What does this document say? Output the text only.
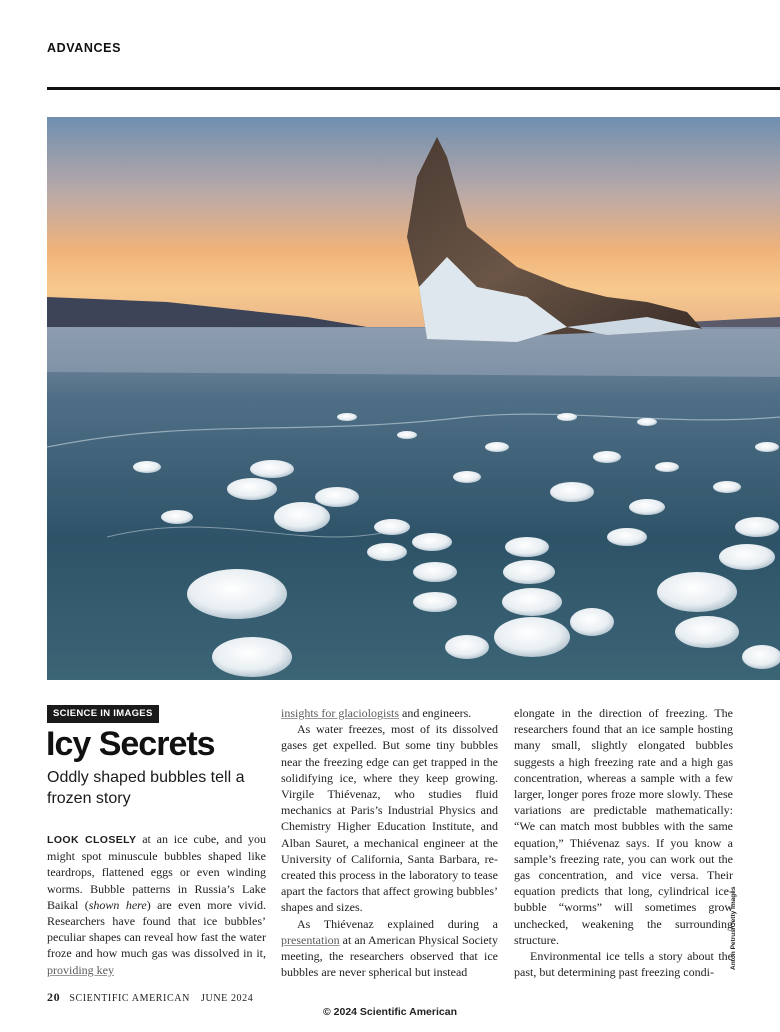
ADVANCES
Anton Petrus/Getty Images
SCIENCE IN IMAGES
Icy Secrets
Oddly shaped bubbles tell a frozen story

LOOK CLOSELY at an ice cube, and you might spot minuscule bubbles shaped like teardrops, flattened eggs or even winding worms. Bubble patterns in Russia’s Lake Baikal (shown here) are even more vivid. Researchers have found that ice bubbles’ peculiar shapes can reveal how fast the water froze and how much gas was dissolved in it, providing key

insights for glaciologists and engineers.

As water freezes, most of its dissolved gases get expelled. But some tiny bubbles near the freezing edge can get trapped in the solidifying ice, where they keep growing. Virgile Thiévenaz, who studies fluid mechanics at Paris’s Industrial Physics and Chemistry Higher Education Institute, and Alban Sauret, a mechanical engineer at the University of California, Santa Barbara, re-created this process in the laboratory to tease apart the factors that affect growing bubbles’ shapes and sizes.

As Thiévenaz explained during a presentation at an American Physical Society meeting, the researchers observed that ice bubbles are never spherical but instead

elongate in the direction of freezing. The researchers found that an ice sample hosting many small, slightly elongated bubbles suggests a high freezing rate and a high gas concentration, whereas a sample with a few larger, longer pores froze more slowly. These variations are predictable mathematically: “We can match most bubbles with the same equation,” Thiévenaz says. If you know a sample’s freezing rate, you can work out the gas concentration, and vice versa. Their equation predicts that long, cylindrical ice-bubble “worms” will sometimes grow unchecked, weakening the surrounding structure.

Environmental ice tells a story about the past, but determining past freezing condi-

20 SCIENTIFIC AMERICAN JUNE 2024
© 2024 Scientific American
